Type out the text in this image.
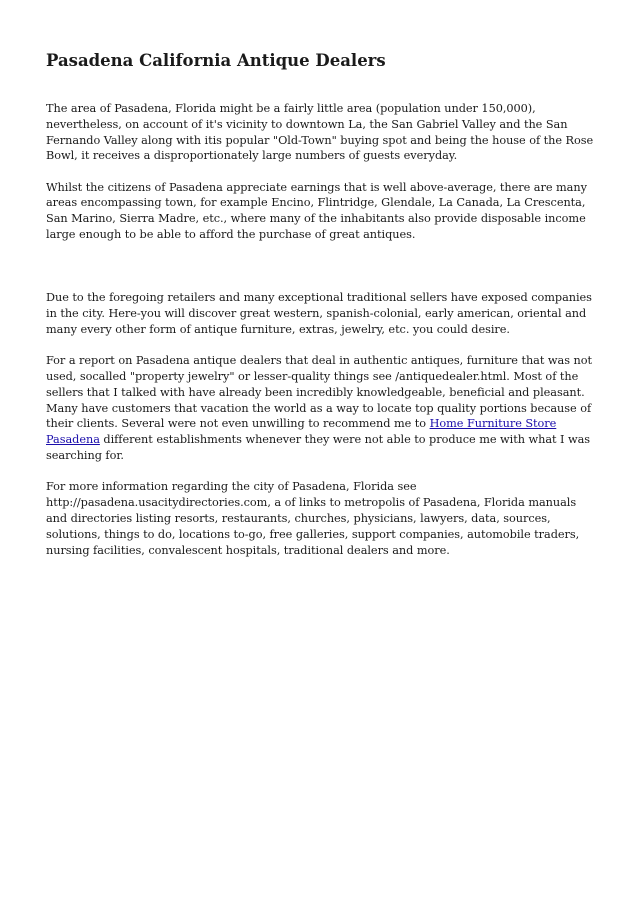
Pasadena California Antique Dealers

The area of Pasadena, Florida might be a fairly little area (population under 150,000), nevertheless, on account of it's vicinity to downtown La, the San Gabriel Valley and the San Fernando Valley along with itis popular "Old-Town" buying spot and being the house of the Rose Bowl, it receives a disproportionately large numbers of guests everyday.

Whilst the citizens of Pasadena appreciate earnings that is well above-average, there are many areas encompassing town, for example Encino, Flintridge, Glendale, La Canada, La Crescenta, San Marino, Sierra Madre, etc., where many of the inhabitants also provide disposable income large enough to be able to afford the purchase of great antiques.

Due to the foregoing retailers and many exceptional traditional sellers have exposed companies in the city. Here-you will discover great western, spanish-colonial, early american, oriental and many every other form of antique furniture, extras, jewelry, etc. you could desire.

For a report on Pasadena antique dealers that deal in authentic antiques, furniture that was not used, socalled "property jewelry" or lesser-quality things see /antiquedealer.html. Most of the sellers that I talked with have already been incredibly knowledgeable, beneficial and pleasant. Many have customers that vacation the world as a way to locate top quality portions because of their clients. Several were not even unwilling to recommend me to Home Furniture Store Pasadena different establishments whenever they were not able to produce me with what I was searching for.

For more information regarding the city of Pasadena, Florida see http://pasadena.usacitydirectories.com, a of links to metropolis of Pasadena, Florida manuals and directories listing resorts, restaurants, churches, physicians, lawyers, data, sources, solutions, things to do, locations to-go, free galleries, support companies, automobile traders, nursing facilities, convalescent hospitals, traditional dealers and more.
